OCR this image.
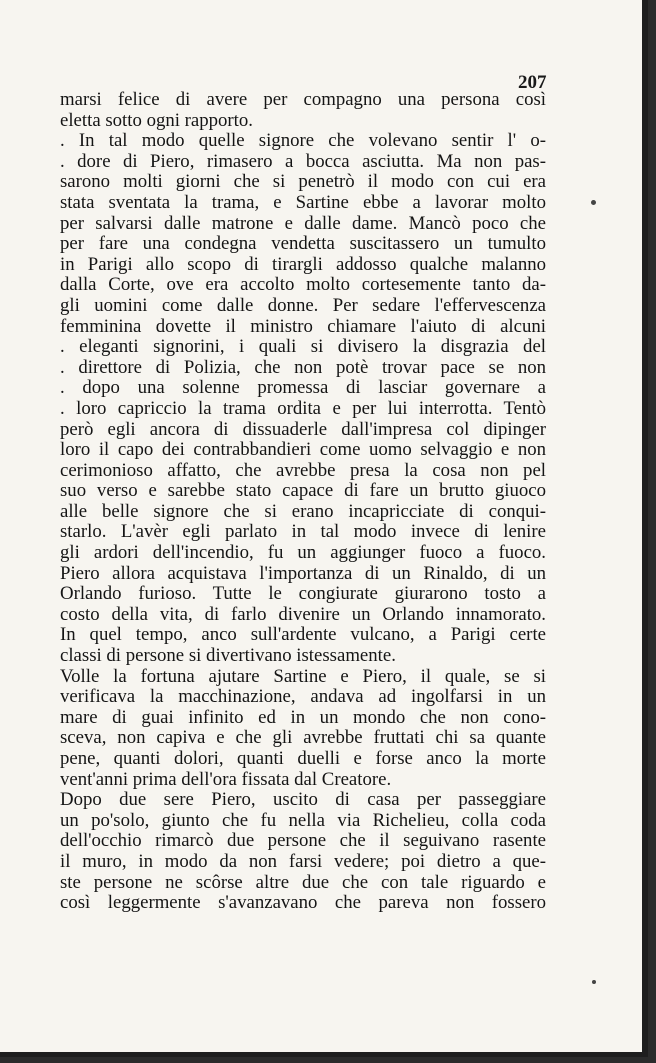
207
marsi felice di avere per compagno una persona così
eletta sotto ogni rapporto.
. In tal modo quelle signore che volevano sentir l' o-
. dore di Piero, rimasero a bocca asciutta. Ma non pas-
sarono molti giorni che si penetrò il modo con cui era
stata sventata la trama, e Sartine ebbe a lavorar molto
per salvarsi dalle matrone e dalle dame. Mancò poco che
per fare una condegna vendetta suscitassero un tumulto
in Parigi allo scopo di tirargli addosso qualche malanno
dalla Corte, ove era accolto molto cortesemente tanto da-
gli uomini come dalle donne. Per sedare l'effervescenza
femminina dovette il ministro chiamare l'aiuto di alcuni
. eleganti signorini, i quali si divisero la disgrazia del
. direttore di Polizia, che non potè trovar pace se non
. dopo una solenne promessa di lasciar governare a
. loro capriccio la trama ordita e per lui interrotta. Tentò
però egli ancora di dissuaderle dall'impresa col dipinger
loro il capo dei contrabbandieri come uomo selvaggio e non
cerimonioso affatto, che avrebbe presa la cosa non pel
suo verso e sarebbe stato capace di fare un brutto giuoco
alle belle signore che si erano incapricciate di conqui-
starlo. L'avèr egli parlato in tal modo invece di lenire
gli ardori dell'incendio, fu un aggiunger fuoco a fuoco.
Piero allora acquistava l'importanza di un Rinaldo, di un
Orlando furioso. Tutte le congiurate giurarono tosto a
costo della vita, di farlo divenire un Orlando innamorato.
In quel tempo, anco sull'ardente vulcano, a Parigi certe
classi di persone si divertivano istessamente.
Volle la fortuna ajutare Sartine e Piero, il quale, se si
verificava la macchinazione, andava ad ingolfarsi in un
mare di guai infinito ed in un mondo che non cono-
sceva, non capiva e che gli avrebbe fruttati chi sa quante
pene, quanti dolori, quanti duelli e forse anco la morte
vent'anni prima dell'ora fissata dal Creatore.
Dopo due sere Piero, uscito di casa per passeggiare
un po'solo, giunto che fu nella via Richelieu, colla coda
dell'occhio rimarcò due persone che il seguivano rasente
il muro, in modo da non farsi vedere; poi dietro a que-
ste persone ne scôrse altre due che con tale riguardo e
così leggermente s'avanzavano che pareva non fossero
